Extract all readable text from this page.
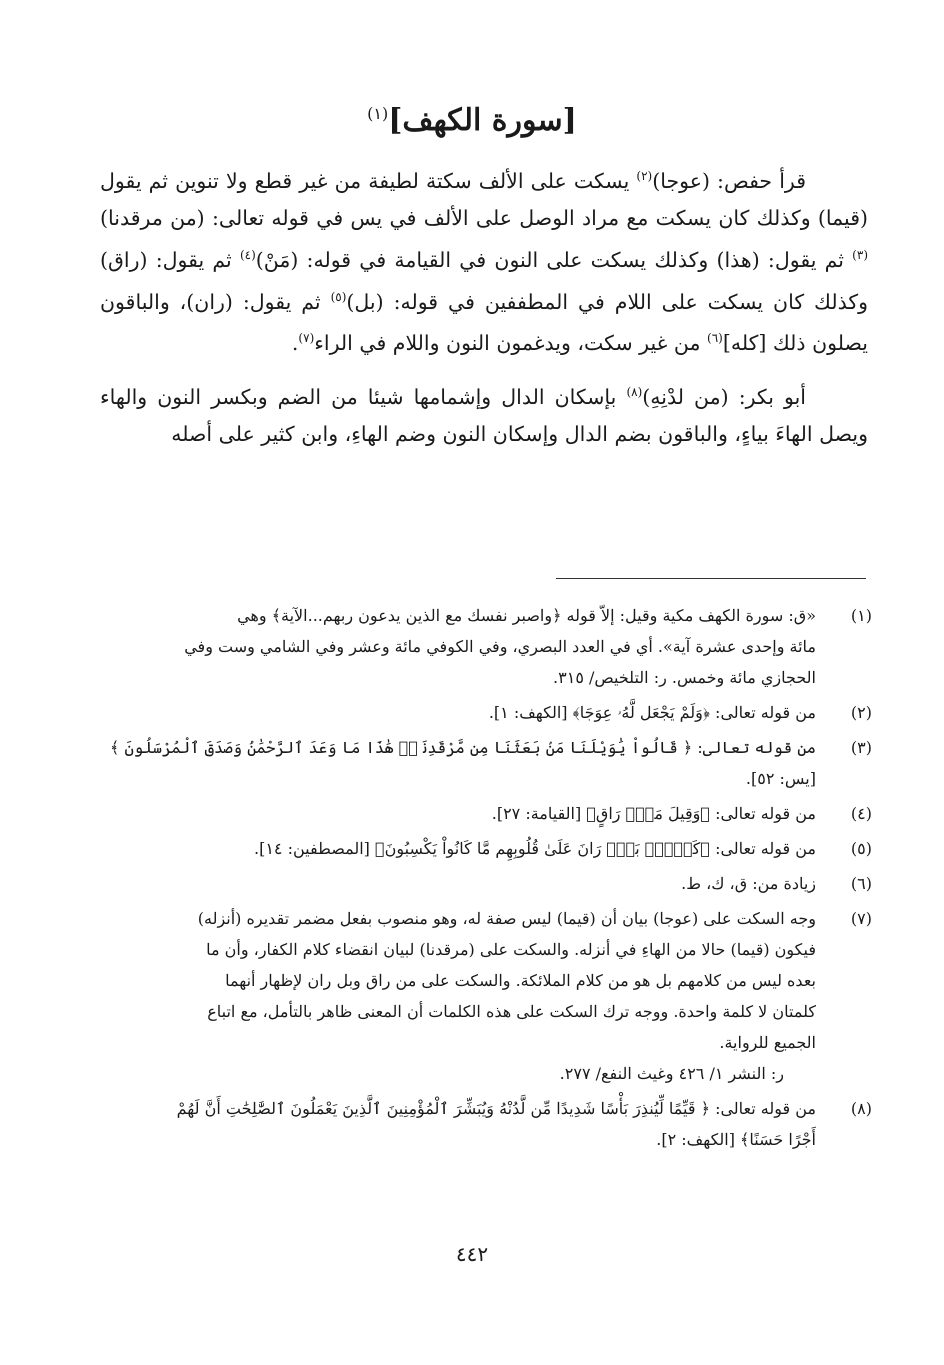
[سورة الكهف]$^{(١)}$

قرأ حفص: (عوجا)$^{(٢)}$ يسكت على الألف سكتة لطيفة من غير قطع ولا تنوين ثم يقول (قيما) وكذلك كان يسكت مع مراد الوصل على الألف في يس في قوله تعالى: (من مرقدنا)$^{(٣)}$ ثم يقول: (هذا) وكذلك يسكت على النون في القيامة في قوله: (مَنْ)$^{(٤)}$ ثم يقول: (راق) وكذلك كان يسكت على اللام في المطففين في قوله: (بل)$^{(٥)}$ ثم يقول: (ران)، والباقون يصلون ذلك [كله]$^{(٦)}$ من غير سكت، ويدغمون النون واللام في الراء$^{(٧)}$.

أبو بكر: (من لدْنِهِ)$^{(٨)}$ بإسكان الدال وإشمامها شيئا من الضم وبكسر النون والهاء ويصل الهاءَ بياءٍ، والباقون بضم الدال وإسكان النون وضم الهاءِ، وابن كثير على أصله

(١)
«ق: سورة الكهف مكية وقيل: إلاّ قوله ﴿واصبر نفسك مع الذين يدعون ربهم...الآية﴾ وهي
مائة وإحدى عشرة آية». أي في العدد البصري، وفي الكوفي مائة وعشر وفي الشامي وست وفي
الحجازي مائة وخمس. ر: التلخيص/ ٣١٥.
(٢)
من قوله تعالى: ﴿وَلَمْ يَجْعَل لَّهُۥ عِوَجَا﴾ [الكهف: ١].
(٣)
من قوله تعالى: ﴿ قَالُواْ يَٰوَيْلَنَا مَنۢ بَعَثَنَا مِن مَّرْقَدِنَاۜ هَٰذَا مَا وَعَدَ ٱلرَّحْمَٰنُ وَصَدَقَ ٱلْمُرْسَلُونَ ﴾
[يس: ٥٢].
(٤)
من قوله تعالى: ﴿وَقِيلَ مَنْۜ رَاقٍ﴾ [القيامة: ٢٧].
(٥)
من قوله تعالى: ﴿كَلَّاۖ بَلْۜ رَانَ عَلَىٰ قُلُوبِهِم مَّا كَانُواْ يَكْسِبُونَ﴾ [المصطفين: ١٤].
(٦)
زيادة من: ق، ك، ط.
(٧)
وجه السكت على (عوجا) بيان أن (قيما) ليس صفة له، وهو منصوب بفعل مضمر تقديره (أنزله)
فيكون (قيما) حالا من الهاءِ في أنزله. والسكت على (مرقدنا) لبيان انقضاء كلام الكفار، وأن ما
بعده ليس من كلامهم بل هو من كلام الملائكة. والسكت على من راق وبل ران لإظهار أنهما
كلمتان لا كلمة واحدة. ووجه ترك السكت على هذه الكلمات أن المعنى ظاهر بالتأمل، مع اتباع
الجميع للرواية.
ر: النشر ١/ ٤٢٦ وغيث النفع/ ٢٧٧.
(٨)
من قوله تعالى: ﴿ قَيِّمًا لِّيُنذِرَ بَأْسًا شَدِيدًا مِّن لَّدُنْهُ وَيُبَشِّرَ ٱلْمُؤْمِنِينَ ٱلَّذِينَ يَعْمَلُونَ ٱلصَّٰلِحَٰتِ أَنَّ لَهُمْ
أَجْرًا حَسَنًا﴾ [الكهف: ٢].
٤٤٢
